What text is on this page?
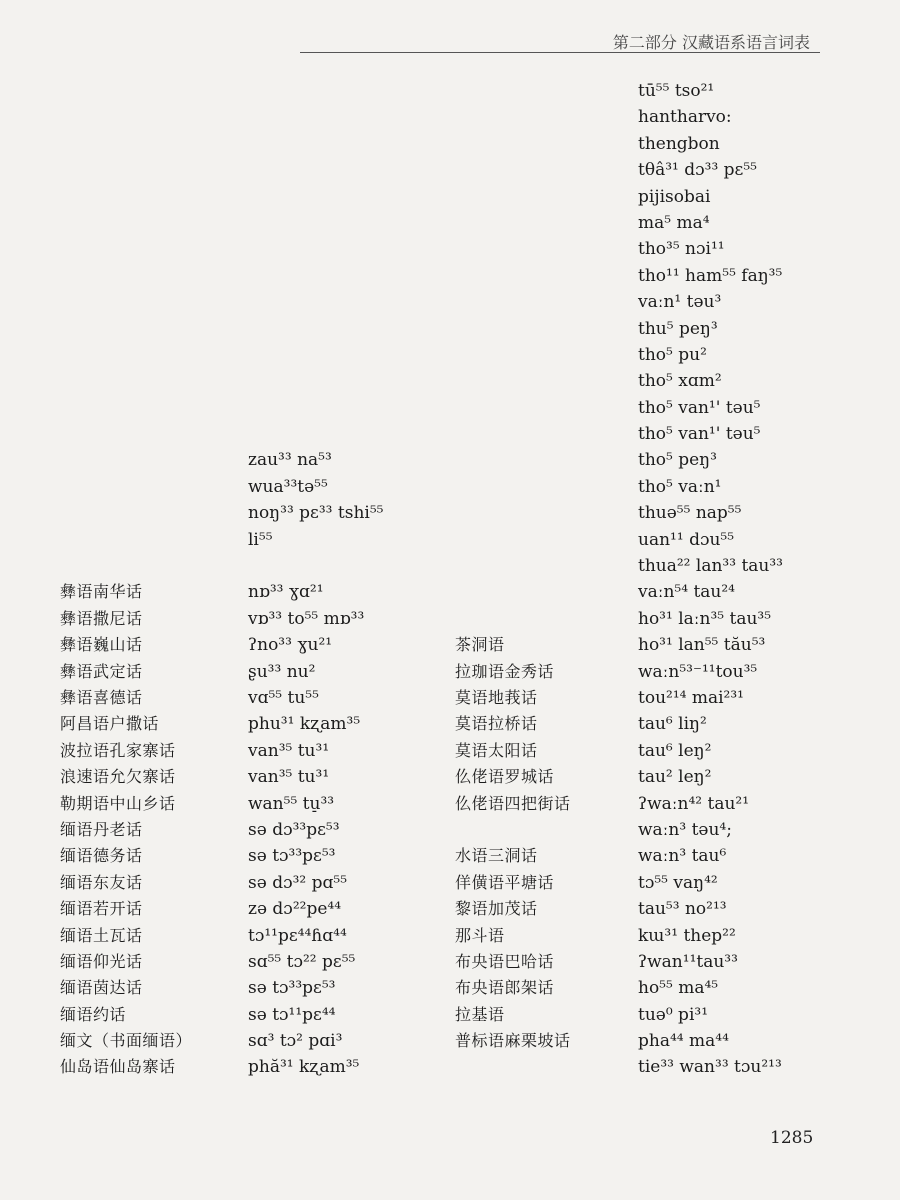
第二部分 汉藏语系语言词表
彝语南华话
彝语撒尼话
彝语巍山话
彝语武定话
彝语喜德话
阿昌语户撒话
波拉语孔家寨话
浪速语允欠寨话
勒期语中山乡话
缅语丹老话
缅语德务话
缅语东友话
缅语若开话
缅语土瓦话
缅语仰光话
缅语茵达话
缅语约话
缅文（书面缅语）
仙岛语仙岛寨话
zau³³ na⁵³
wua³³tə⁵⁵
noŋ³³ pɛ³³ tshi⁵⁵
li⁵⁵
nɒ³³ ɣɑ²¹
vɒ³³ to⁵⁵ mɒ³³
ʔno³³ ɣu²¹
ʂu³³ nu²
vɑ⁵⁵ tu⁵⁵
phu³¹ kʐam³⁵
van³⁵ tu³¹
van³⁵ tu³¹
wan⁵⁵ tu̠³³
sə dɔ³³pɛ⁵³
sə tɔ³³pɛ⁵³
sə dɔ³² pɑ⁵⁵
zə dɔ²²pe⁴⁴
tɔ¹¹pɛ⁴⁴ɦɑ⁴⁴
sɑ⁵⁵ tɔ²² pɛ⁵⁵
sə tɔ³³pɛ⁵³
sə tɔ¹¹pɛ⁴⁴
sɑ³ tɔ² pɑi³
phă³¹ kʐam³⁵
茶洞语
拉珈语金秀话
莫语地莪话
莫语拉桥话
莫语太阳话
仫佬语罗城话
仫佬语四把街话
水语三洞话
佯僙语平塘话
黎语加茂话
那斗语
布央语巴哈话
布央语郎架话
拉基语
普标语麻栗坡话
tū⁵⁵ tso²¹
hantharvo:
thengbon
tθâ³¹ dɔ³³ pɛ⁵⁵
pijisobai
ma⁵ ma⁴
tho³⁵ nɔi¹¹
tho¹¹ ham⁵⁵ faŋ³⁵
vaːn¹ təu³
thu⁵ peŋ³
tho⁵ pu²
tho⁵ xɑm²
tho⁵ van¹' təu⁵
tho⁵ van¹' təu⁵
tho⁵ peŋ³
tho⁵ vaːn¹
thuə⁵⁵ nap⁵⁵
uan¹¹ dɔu⁵⁵
thua²² lan³³ tau³³
vaːn⁵⁴ tau²⁴
ho³¹ laːn³⁵ tau³⁵
ho³¹ lan⁵⁵ tău⁵³
waːn⁵³⁻¹¹tou³⁵
tou²¹⁴ mai²³¹
tau⁶ liŋ²
tau⁶ leŋ²
tau² leŋ²
ʔwaːn⁴² tau²¹
waːn³ təu⁴;
waːn³ tau⁶
tɔ⁵⁵ vaŋ⁴²
tau⁵³ no²¹³
kɯ³¹ thep²²
ʔwan¹¹tau³³
ho⁵⁵ ma⁴⁵
tuə⁰ pi³¹
pha⁴⁴ ma⁴⁴
tie³³ wan³³ tɔu²¹³
1285
